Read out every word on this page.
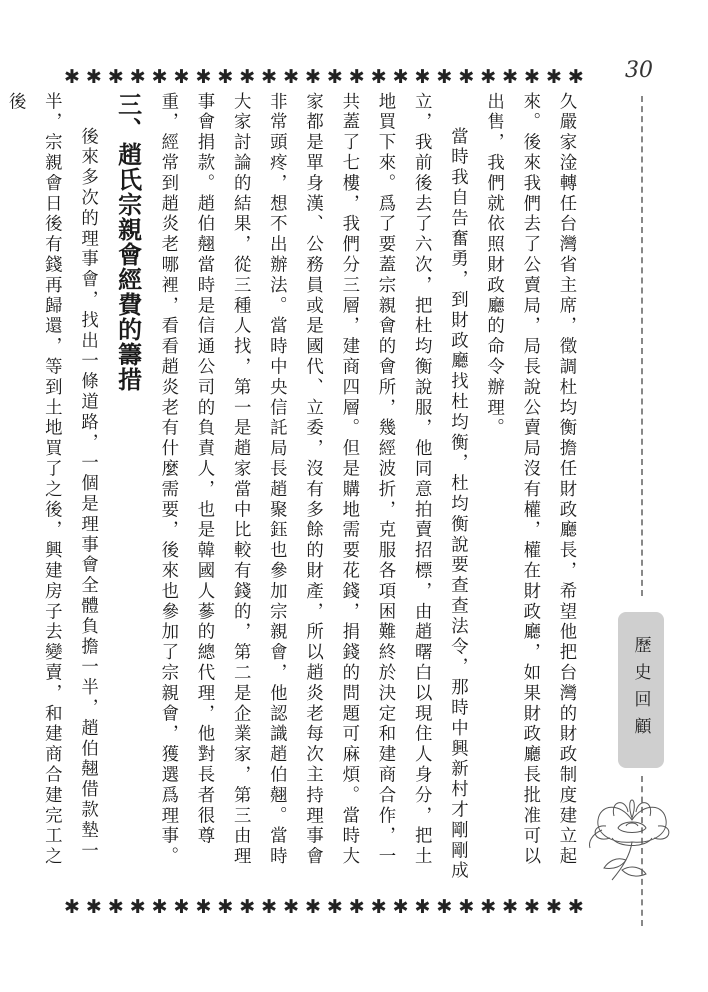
✱ ✱ ✱ ✱ ✱ ✱ ✱ ✱ ✱ ✱ ✱ ✱ ✱ ✱ ✱ ✱ ✱ ✱ ✱ ✱ ✱ ✱ ✱ ✱ 30
歷史回顧

久嚴家淦轉任台灣省主席，徵調杜均衡擔任財政廳長，希望他把台灣的財政制度建立起來。後來我們去了公賣局，局長說公賣局沒有權，權在財政廳，如果財政廳長批准可以出售，我們就依照財政廳的命令辦理。

當時我自告奮勇，到財政廳找杜均衡，杜均衡說要查查法令，那時中興新村才剛剛成立，我前後去了六次，把杜均衡說服，他同意拍賣招標，由趙曙白以現住人身分，把土地買下來。爲了要蓋宗親會的會所，幾經波折，克服各項困難終於決定和建商合作，一共蓋了七樓，我們分三層，建商四層。但是購地需要花錢，捐錢的問題可麻煩。當時大家都是單身漢、公務員或是國代、立委，沒有多餘的財產，所以趙炎老每次主持理事會非常頭疼，想不出辦法。當時中央信託局長趙聚鈺也參加宗親會，他認識趙伯翹。當時大家討論的結果，從三種人找，第一是趙家當中比較有錢的，第二是企業家，第三由理事會捐款。趙伯翹當時是信通公司的負責人，也是韓國人蔘的總代理，他對長者很尊重，經常到趙炎老哪裡，看看趙炎老有什麼需要，後來也參加了宗親會，獲選爲理事。

三、趙氏宗親會經費的籌措

後來多次的理事會，找出一條道路，一個是理事會全體負擔一半，趙伯翹借款墊一半，宗親會日後有錢再歸還，等到土地買了之後，興建房子去變賣，和建商合建完工之後

✱ ✱ ✱ ✱ ✱ ✱ ✱ ✱ ✱ ✱ ✱ ✱ ✱ ✱ ✱ ✱ ✱ ✱ ✱ ✱ ✱ ✱ ✱ ✱
